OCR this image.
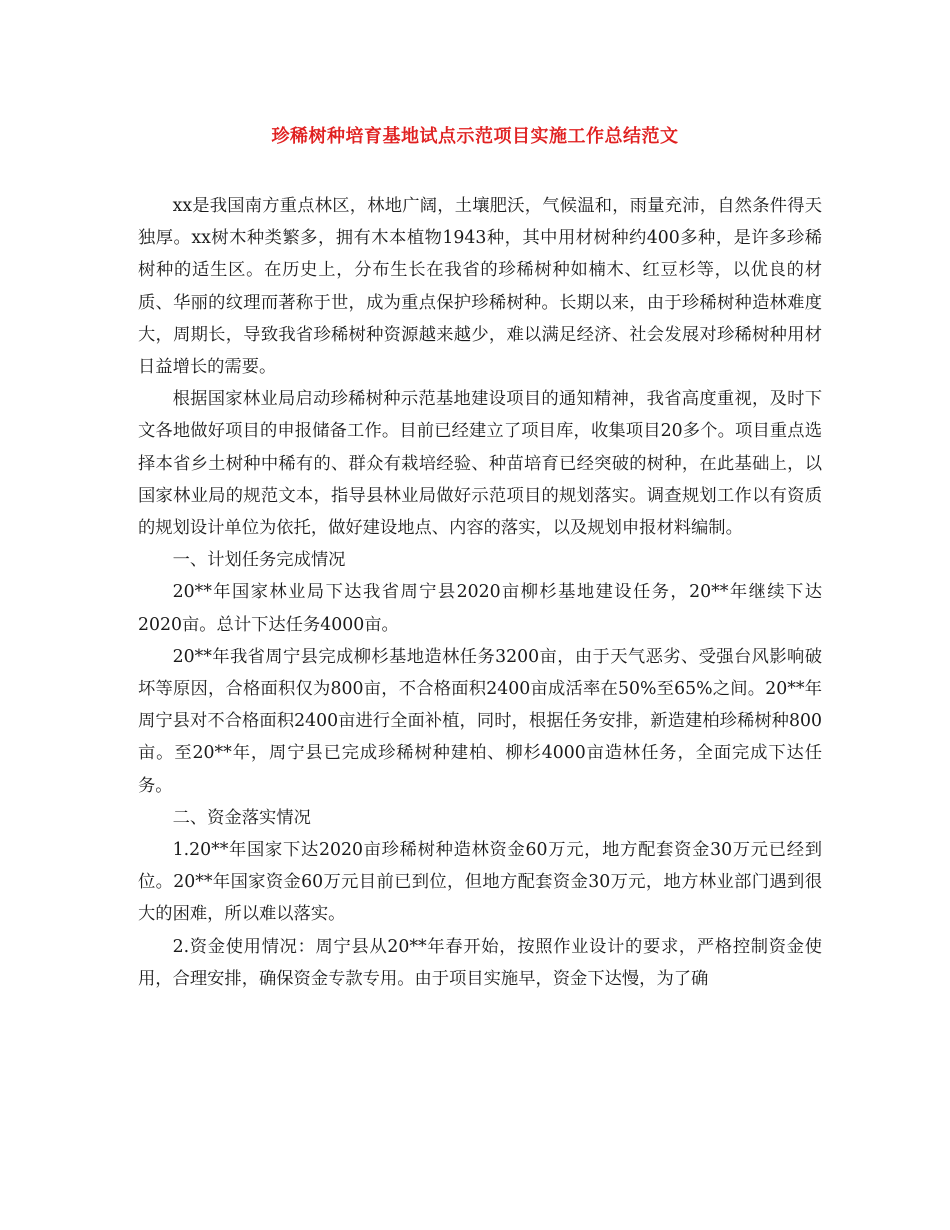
珍稀树种培育基地试点示范项目实施工作总结范文

xx是我国南方重点林区，林地广阔，土壤肥沃，气候温和，雨量充沛，自然条件得天独厚。xx树木种类繁多，拥有木本植物1943种，其中用材树种约400多种，是许多珍稀树种的适生区。在历史上，分布生长在我省的珍稀树种如楠木、红豆杉等，以优良的材质、华丽的纹理而著称于世，成为重点保护珍稀树种。长期以来，由于珍稀树种造林难度大，周期长，导致我省珍稀树种资源越来越少，难以满足经济、社会发展对珍稀树种用材日益增长的需要。

根据国家林业局启动珍稀树种示范基地建设项目的通知精神，我省高度重视，及时下文各地做好项目的申报储备工作。目前已经建立了项目库，收集项目20多个。项目重点选择本省乡土树种中稀有的、群众有栽培经验、种苗培育已经突破的树种，在此基础上，以国家林业局的规范文本，指导县林业局做好示范项目的规划落实。调查规划工作以有资质的规划设计单位为依托，做好建设地点、内容的落实，以及规划申报材料编制。

一、计划任务完成情况

20**年国家林业局下达我省周宁县2020亩柳杉基地建设任务，20**年继续下达2020亩。总计下达任务4000亩。

20**年我省周宁县完成柳杉基地造林任务3200亩，由于天气恶劣、受强台风影响破坏等原因，合格面积仅为800亩，不合格面积2400亩成活率在50%至65%之间。20**年周宁县对不合格面积2400亩进行全面补植，同时，根据任务安排，新造建柏珍稀树种800亩。至20**年，周宁县已完成珍稀树种建柏、柳杉4000亩造林任务，全面完成下达任务。

二、资金落实情况

1.20**年国家下达2020亩珍稀树种造林资金60万元，地方配套资金30万元已经到位。20**年国家资金60万元目前已到位，但地方配套资金30万元，地方林业部门遇到很大的困难，所以难以落实。

2.资金使用情况：周宁县从20**年春开始，按照作业设计的要求，严格控制资金使用，合理安排，确保资金专款专用。由于项目实施早，资金下达慢，为了确
